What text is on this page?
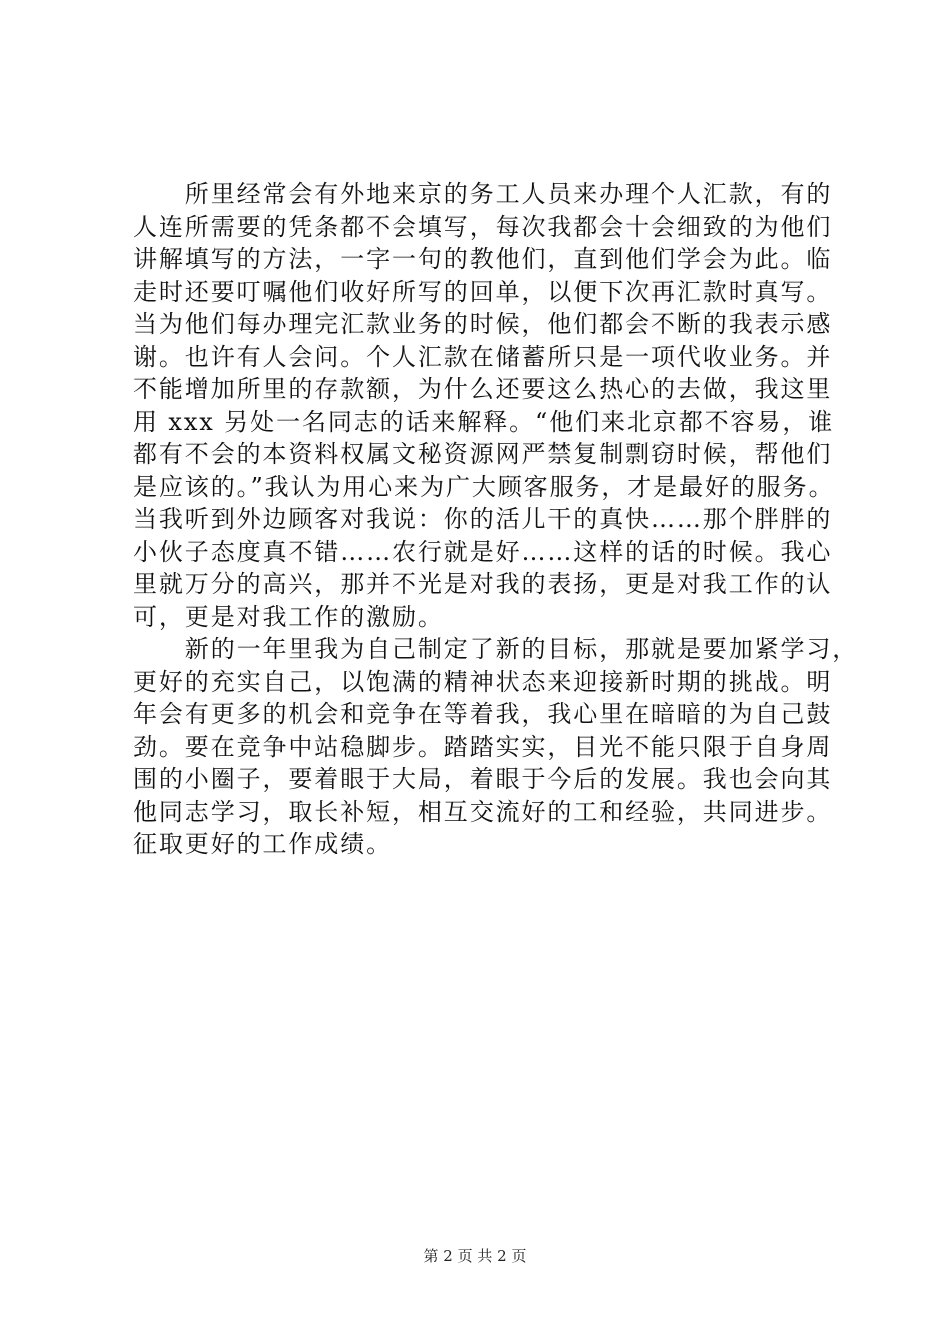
　　所里经常会有外地来京的务工人员来办理个人汇款，有的
人连所需要的凭条都不会填写，每次我都会十会细致的为他们
讲解填写的方法，一字一句的教他们，直到他们学会为此。临
走时还要叮嘱他们收好所写的回单，以便下次再汇款时真写。
当为他们每办理完汇款业务的时候，他们都会不断的我表示感
谢。也许有人会问。个人汇款在储蓄所只是一项代收业务。并
不能增加所里的存款额，为什么还要这么热心的去做，我这里
用 xxx 另处一名同志的话来解释。“他们来北京都不容易，谁
都有不会的本资料权属文秘资源网严禁复制剽窃时候，帮他们
是应该的。”我认为用心来为广大顾客服务，才是最好的服务。
当我听到外边顾客对我说：你的活儿干的真快……那个胖胖的
小伙子态度真不错……农行就是好……这样的话的时候。我心
里就万分的高兴，那并不光是对我的表扬，更是对我工作的认
可，更是对我工作的激励。
　　新的一年里我为自己制定了新的目标，那就是要加紧学习，
更好的充实自己，以饱满的精神状态来迎接新时期的挑战。明
年会有更多的机会和竞争在等着我，我心里在暗暗的为自己鼓
劲。要在竞争中站稳脚步。踏踏实实，目光不能只限于自身周
围的小圈子，要着眼于大局，着眼于今后的发展。我也会向其
他同志学习，取长补短，相互交流好的工和经验，共同进步。
征取更好的工作成绩。
第 2 页 共 2 页
